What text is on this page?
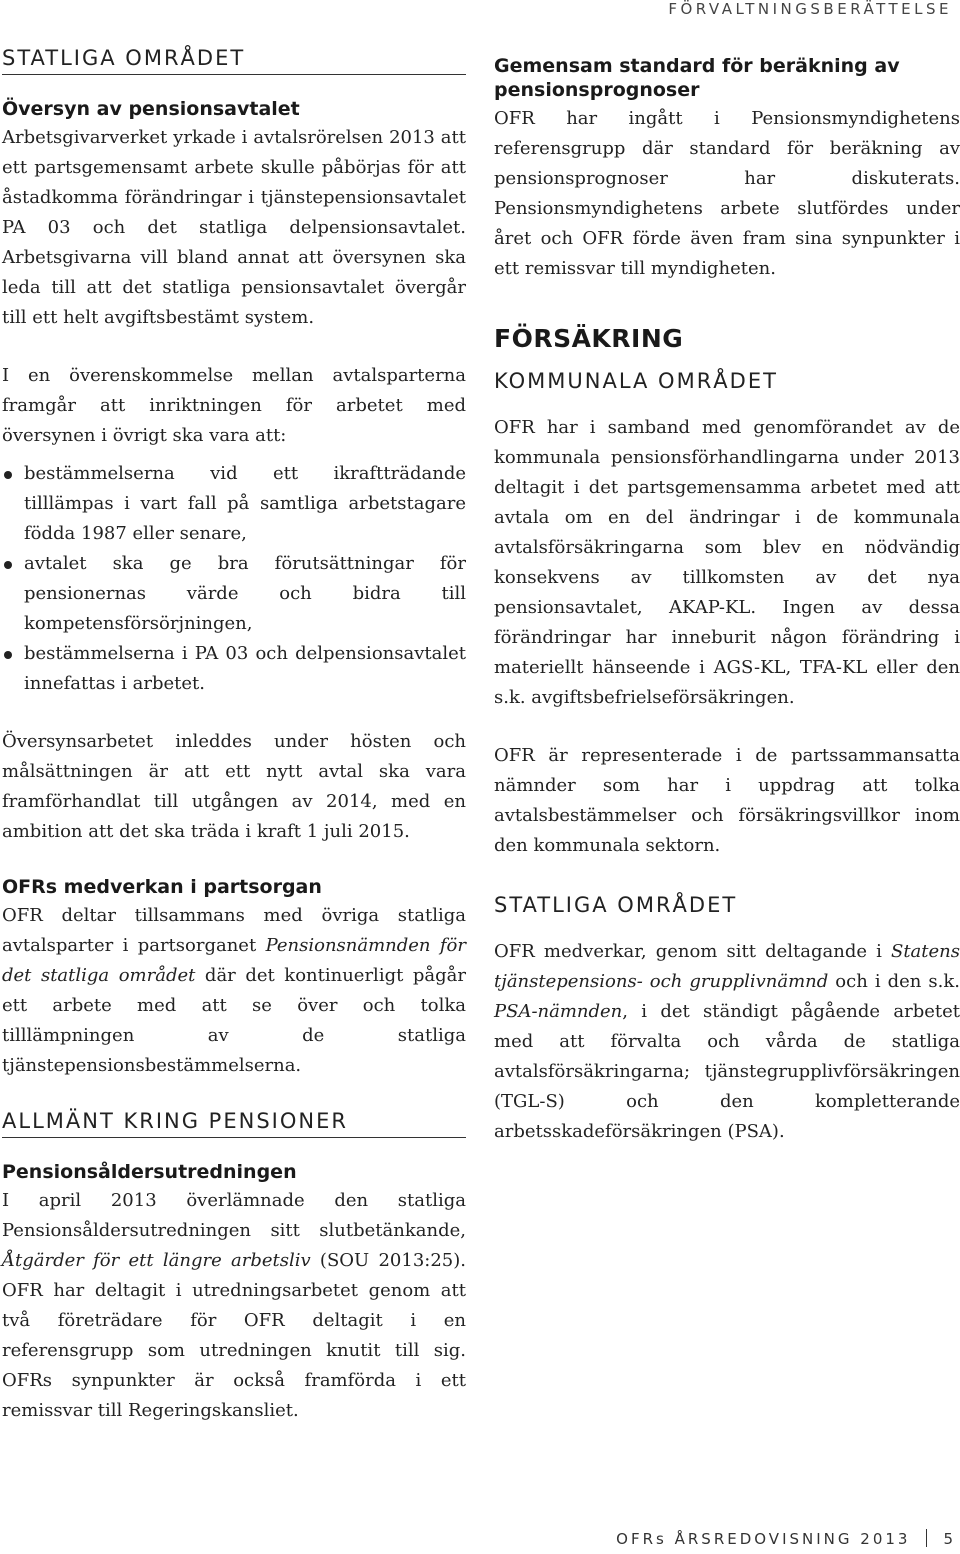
FÖRVALTNINGSBERÄTTELSE
STATLIGA OMRÅDET
Översyn av pensionsavtalet

Arbetsgivarverket yrkade i avtalsrörelsen 2013 att ett partsgemensamt arbete skulle påbörjas för att åstadkomma förändringar i tjänstepensionsavtalet PA 03 och det statliga delpensionsavtalet. Arbetsgivarna vill bland annat att översynen ska leda till att det statliga pensionsavtalet övergår till ett helt avgiftsbestämt system.

I en överenskommelse mellan avtalsparterna framgår att inriktningen för arbetet med översynen i övrigt ska vara att:

bestämmelserna vid ett ikraftträdande tilllämpas i vart fall på samtliga arbetstagare födda 1987 eller senare,
avtalet ska ge bra förutsättningar för pensionernas värde och bidra till kompetensförsörjningen,
bestämmelserna i PA 03 och delpensionsavtalet innefattas i arbetet.

Översynsarbetet inleddes under hösten och målsättningen är att ett nytt avtal ska vara framförhandlat till utgången av 2014, med en ambition att det ska träda i kraft 1 juli 2015.

OFRs medverkan i partsorgan

OFR deltar tillsammans med övriga statliga avtalsparter i partsorganet Pensionsnämnden för det statliga området där det kontinuerligt pågår ett arbete med att se över och tolka tilllämpningen av de statliga tjänstepensionsbestämmelserna.

ALLMÄNT KRING PENSIONER
Pensionsåldersutredningen

I april 2013 överlämnade den statliga Pensionsåldersutredningen sitt slutbetänkande, Åtgärder för ett längre arbetsliv (SOU 2013:25). OFR har deltagit i utredningsarbetet genom att två företrädare för OFR deltagit i en referensgrupp som utredningen knutit till sig. OFRs synpunkter är också framförda i ett remissvar till Regeringskansliet.

Gemensam standard för beräkning av pensionsprognoser

OFR har ingått i Pensionsmyndighetens referensgrupp där standard för beräkning av pensionsprognoser har diskuterats. Pensionsmyndighetens arbete slutfördes under året och OFR förde även fram sina synpunkter i ett remissvar till myndigheten.

FÖRSÄKRING
KOMMUNALA OMRÅDET

OFR har i samband med genomförandet av de kommunala pensionsförhandlingarna under 2013 deltagit i det partsgemensamma arbetet med att avtala om en del ändringar i de kommunala avtalsförsäkringarna som blev en nödvändig konsekvens av tillkomsten av det nya pensionsavtalet, AKAP-KL. Ingen av dessa förändringar har inneburit någon förändring i materiellt hänseende i AGS-KL, TFA-KL eller den s.k. avgiftsbefrielseförsäkringen.

OFR är representerade i de partssammansatta nämnder som har i uppdrag att tolka avtalsbestämmelser och försäkringsvillkor inom den kommunala sektorn.

STATLIGA OMRÅDET

OFR medverkar, genom sitt deltagande i Statens tjänstepensions- och grupplivnämnd och i den s.k. PSA-nämnden, i det ständigt pågående arbetet med att förvalta och vårda de statliga avtalsförsäkringarna; tjänstegrupplivförsäkringen (TGL-S) och den kompletterande arbetsskadeförsäkringen (PSA).

OFRs ÅRSREDOVISNING 2013 5
